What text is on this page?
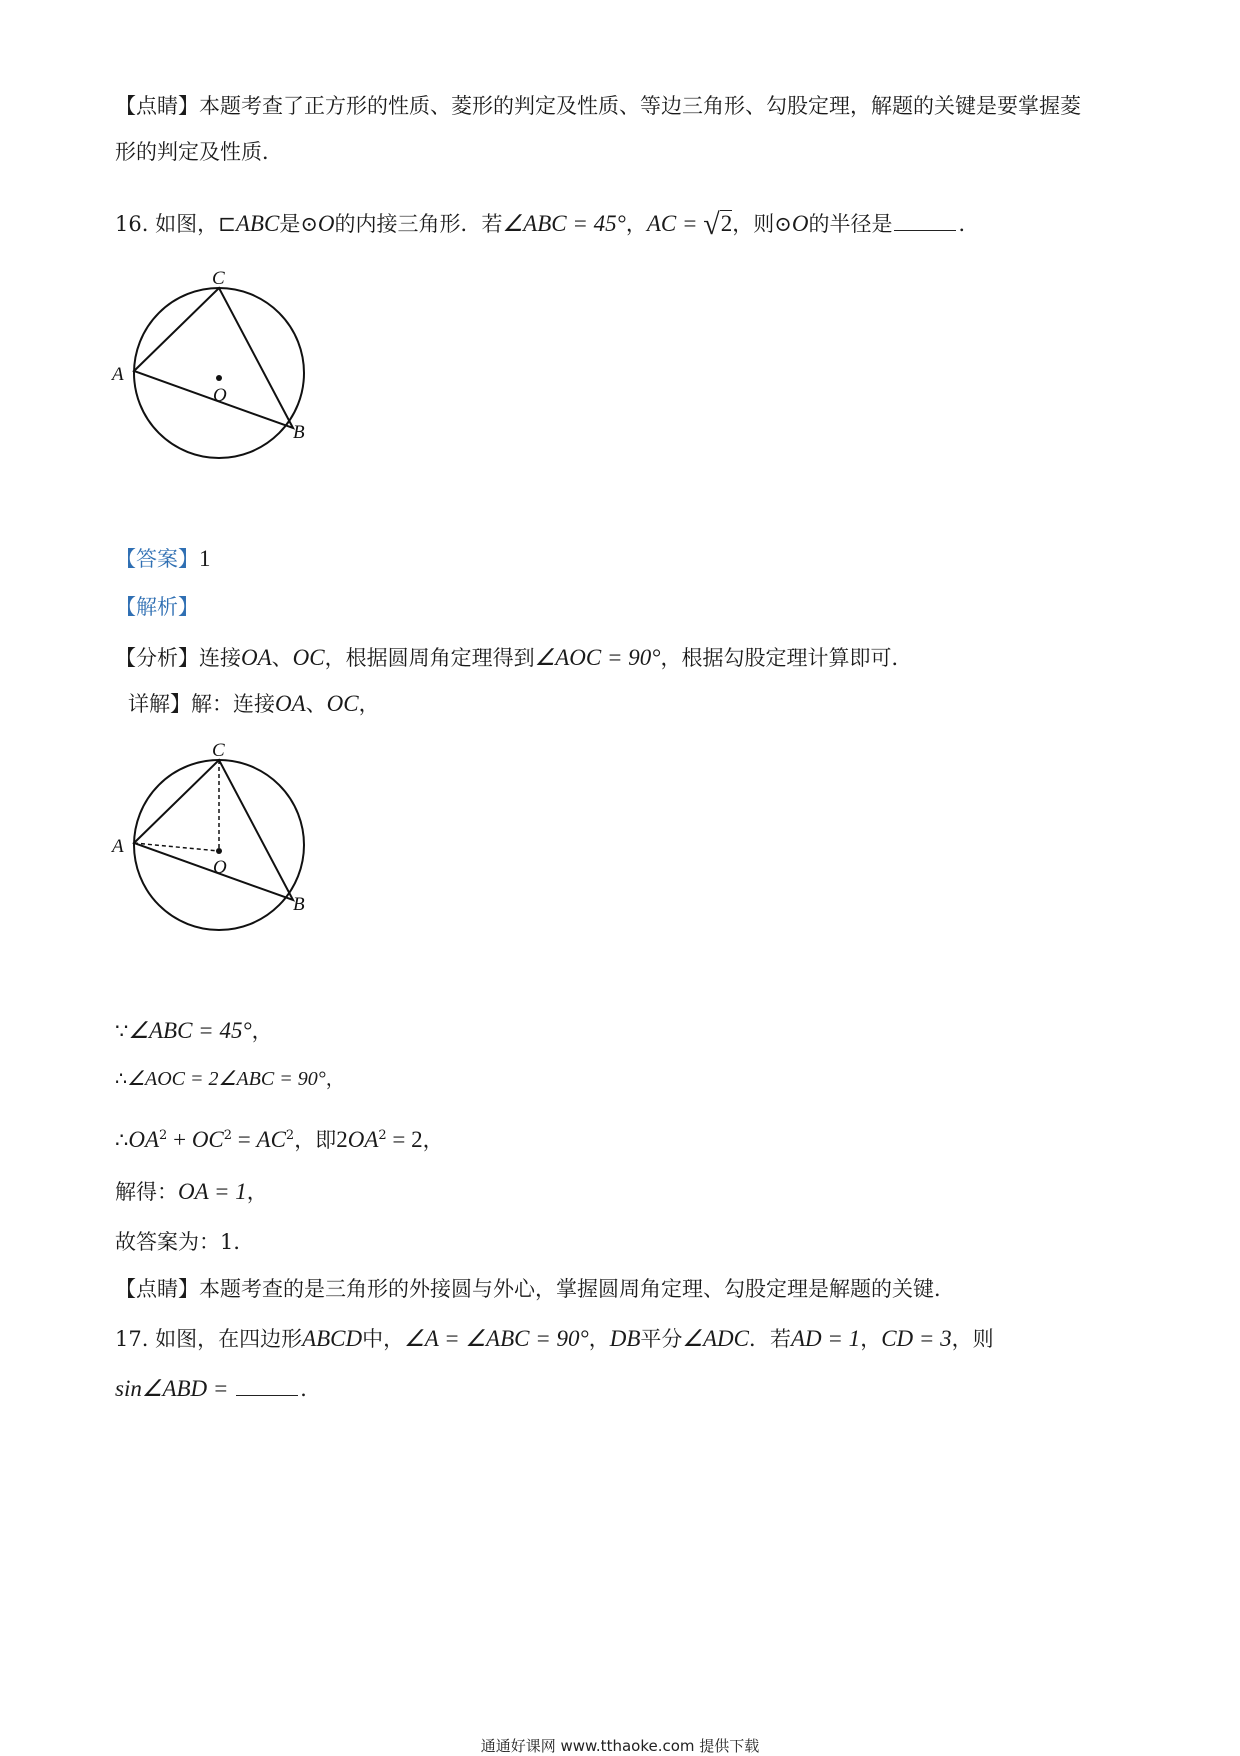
【点睛】本题考查了正方形的性质、菱形的判定及性质、等边三角形、勾股定理，解题的关键是要掌握菱
形的判定及性质．
16. 如图，⊏ABC是⊙O的内接三角形．若∠ABC = 45°，AC = √2，则⊙O的半径是	．
A
C
B
O
【答案】1
【解析】
【分析】连接OA、OC，根据圆周角定理得到∠AOC = 90°，根据勾股定理计算即可．
详解】解：连接OA、OC，
A
C
B
O
∵∠ABC = 45°，
∴∠AOC = 2∠ABC = 90°，
$\therefore OA^2 + OC^2 = AC^2$，即$2OA^2 = 2$，
解得：OA = 1，
故答案为：1．
【点睛】本题考查的是三角形的外接圆与外心，掌握圆周角定理、勾股定理是解题的关键．
17. 如图，在四边形ABCD中，∠A = ∠ABC = 90°，DB平分∠ADC．若AD = 1，CD = 3，则
sin∠ABD =	．
通通好课网 www.tthaoke.com 提供下载
